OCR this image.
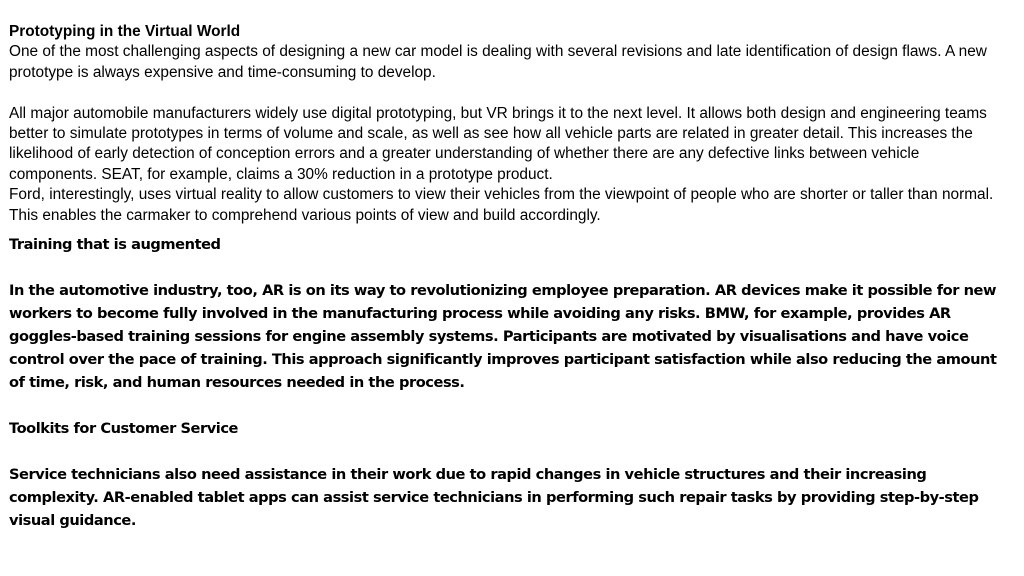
Prototyping in the Virtual World

One of the most challenging aspects of designing a new car model is dealing with several revisions and late identification of design flaws. A new prototype is always expensive and time-consuming to develop.

All major automobile manufacturers widely use digital prototyping, but VR brings it to the next level. It allows both design and engineering teams better to simulate prototypes in terms of volume and scale, as well as see how all vehicle parts are related in greater detail. This increases the likelihood of early detection of conception errors and a greater understanding of whether there are any defective links between vehicle components. SEAT, for example, claims a 30% reduction in a prototype product.

Ford, interestingly, uses virtual reality to allow customers to view their vehicles from the viewpoint of people who are shorter or taller than normal. This enables the carmaker to comprehend various points of view and build accordingly.

Training that is augmented

In the automotive industry, too, AR is on its way to revolutionizing employee preparation. AR devices make it possible for new workers to become fully involved in the manufacturing process while avoiding any risks. BMW, for example, provides AR goggles-based training sessions for engine assembly systems. Participants are motivated by visualisations and have voice control over the pace of training. This approach significantly improves participant satisfaction while also reducing the amount of time, risk, and human resources needed in the process.

Toolkits for Customer Service

Service technicians also need assistance in their work due to rapid changes in vehicle structures and their increasing complexity. AR-enabled tablet apps can assist service technicians in performing such repair tasks by providing step-by-step visual guidance.
